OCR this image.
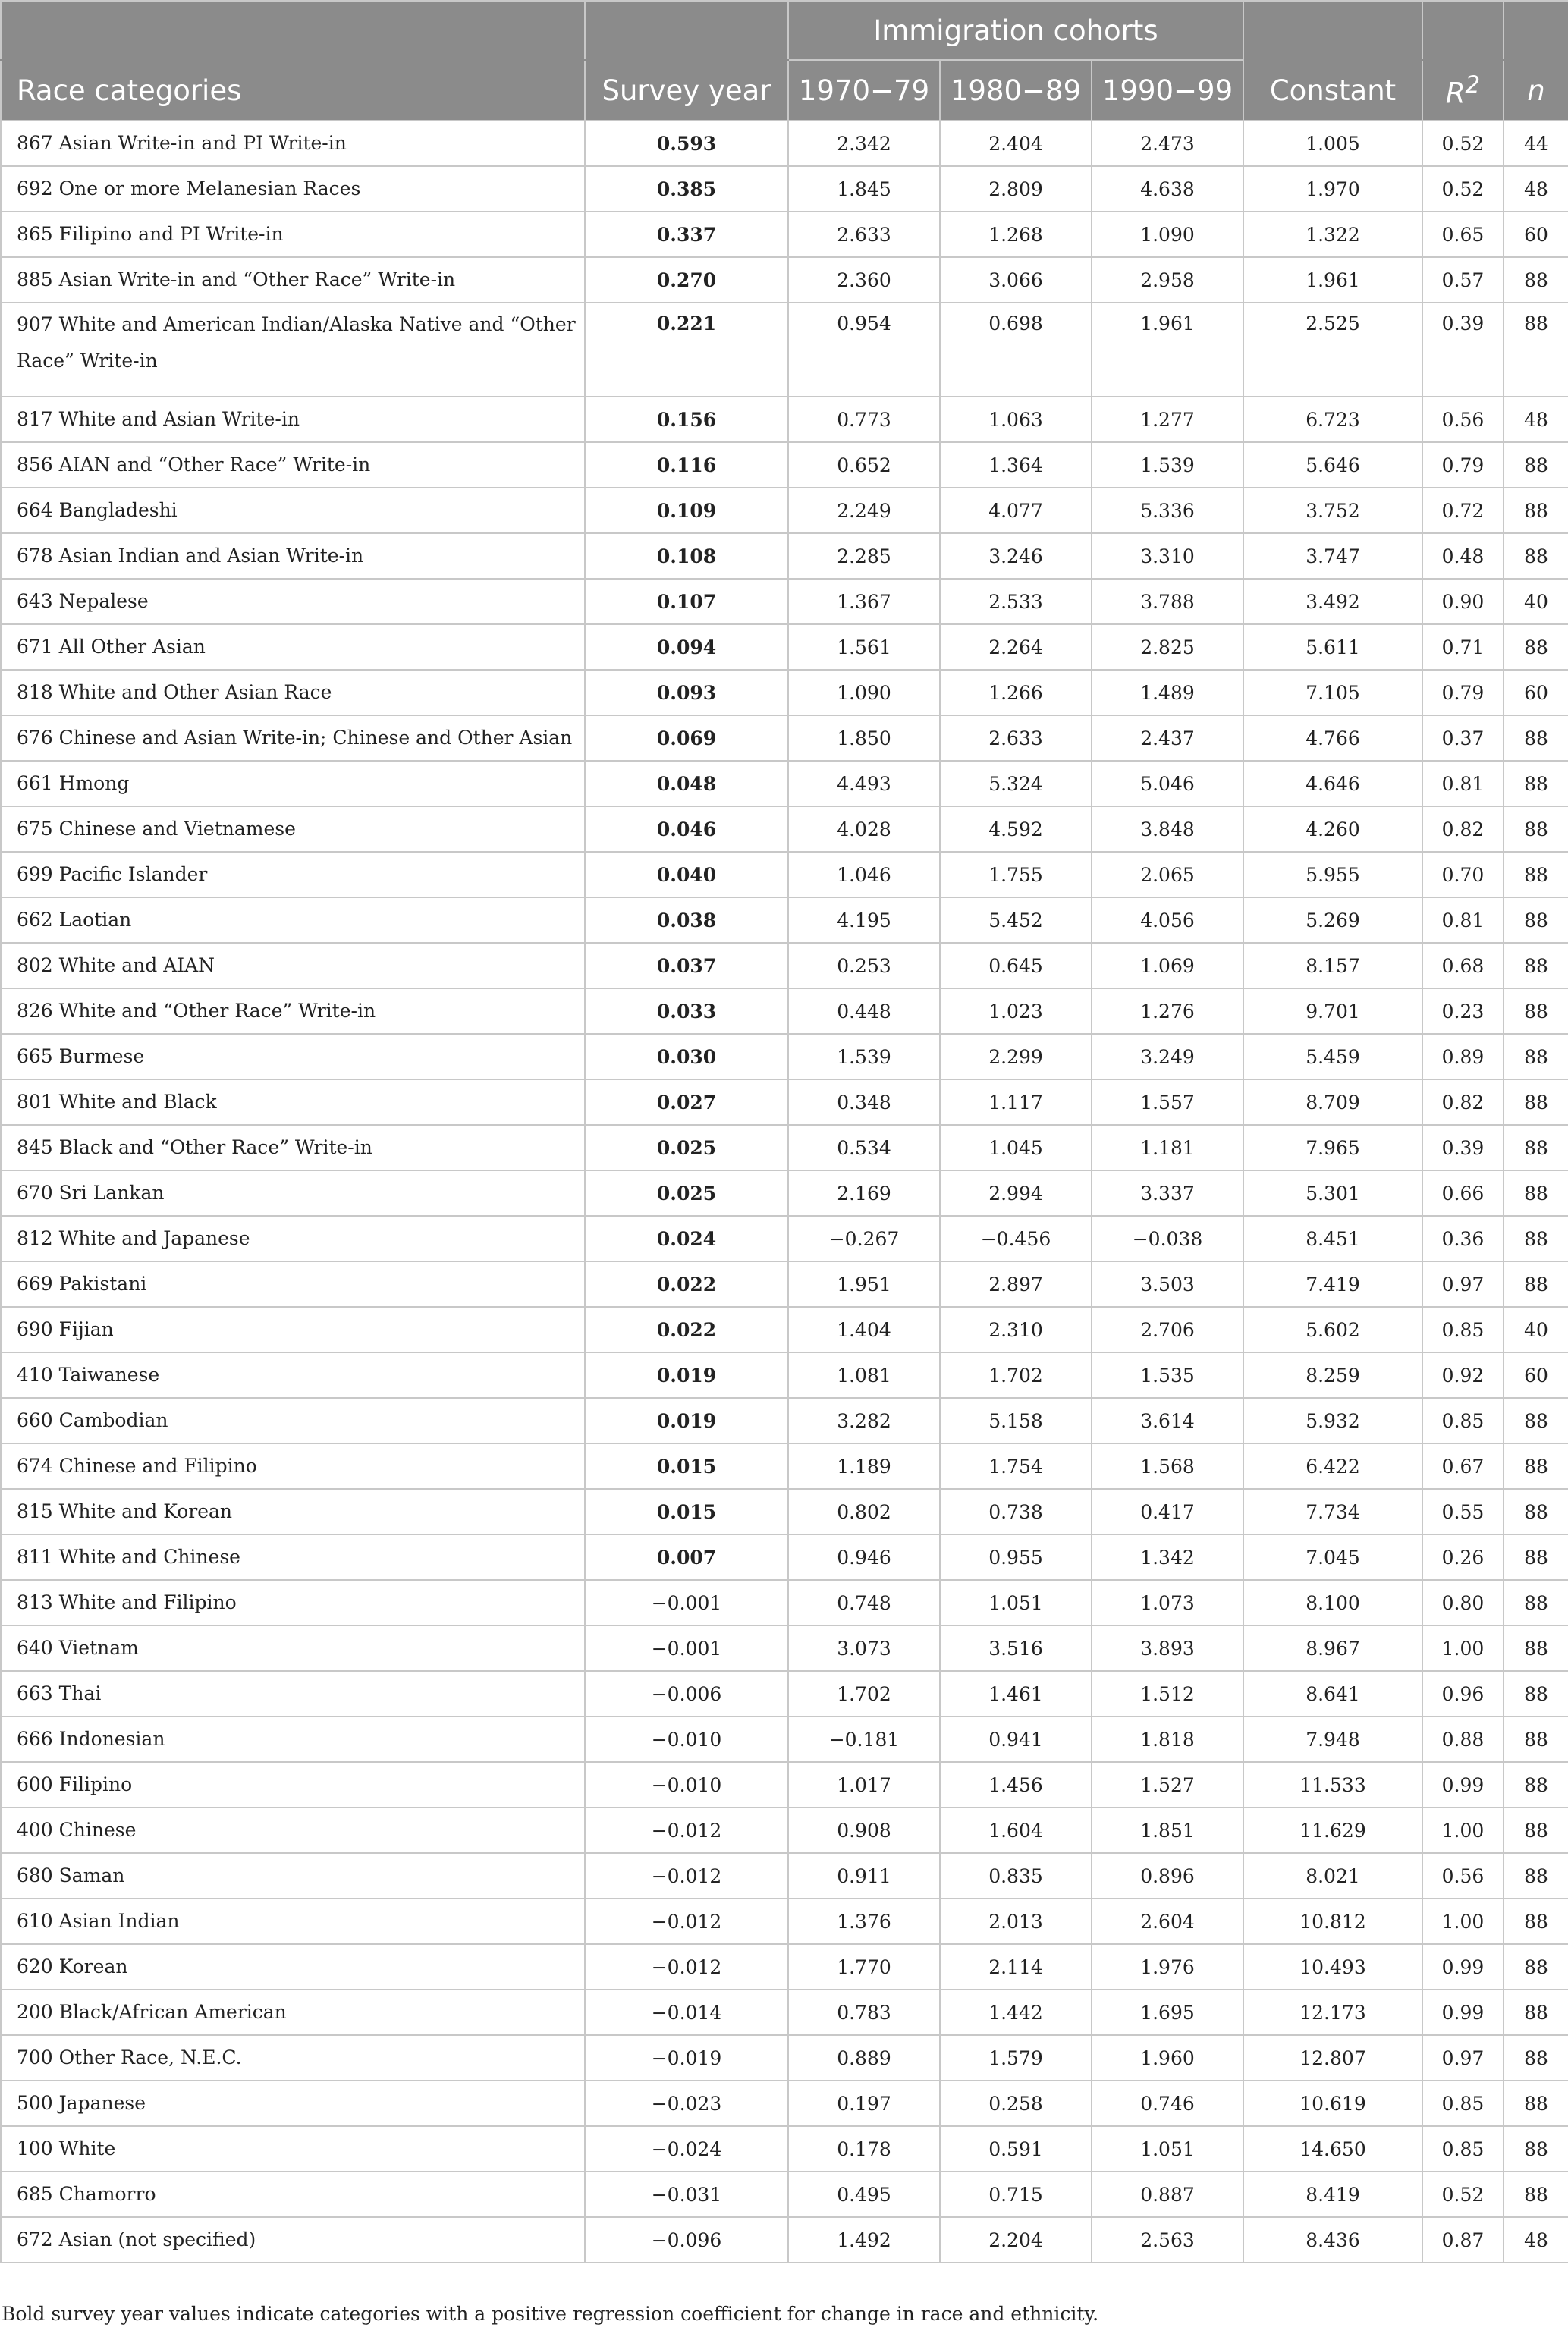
		Immigration cohorts					
Race categories	Survey year	1970−79	1980−89	1990−99	Constant	$R^2$	n
867 Asian Write-in and PI Write-in	0.593	2.342	2.404	2.473	1.005	0.52	44
692 One or more Melanesian Races	0.385	1.845	2.809	4.638	1.970	0.52	48
865 Filipino and PI Write-in	0.337	2.633	1.268	1.090	1.322	0.65	60
885 Asian Write-in and “Other Race” Write-in	0.270	2.360	3.066	2.958	1.961	0.57	88
907 White and American Indian/Alaska Native and “Other Race” Write-in	0.221	0.954	0.698	1.961	2.525	0.39	88
817 White and Asian Write-in	0.156	0.773	1.063	1.277	6.723	0.56	48
856 AIAN and “Other Race” Write-in	0.116	0.652	1.364	1.539	5.646	0.79	88
664 Bangladeshi	0.109	2.249	4.077	5.336	3.752	0.72	88
678 Asian Indian and Asian Write-in	0.108	2.285	3.246	3.310	3.747	0.48	88
643 Nepalese	0.107	1.367	2.533	3.788	3.492	0.90	40
671 All Other Asian	0.094	1.561	2.264	2.825	5.611	0.71	88
818 White and Other Asian Race	0.093	1.090	1.266	1.489	7.105	0.79	60
676 Chinese and Asian Write-in; Chinese and Other Asian	0.069	1.850	2.633	2.437	4.766	0.37	88
661 Hmong	0.048	4.493	5.324	5.046	4.646	0.81	88
675 Chinese and Vietnamese	0.046	4.028	4.592	3.848	4.260	0.82	88
699 Pacific Islander	0.040	1.046	1.755	2.065	5.955	0.70	88
662 Laotian	0.038	4.195	5.452	4.056	5.269	0.81	88
802 White and AIAN	0.037	0.253	0.645	1.069	8.157	0.68	88
826 White and “Other Race” Write-in	0.033	0.448	1.023	1.276	9.701	0.23	88
665 Burmese	0.030	1.539	2.299	3.249	5.459	0.89	88
801 White and Black	0.027	0.348	1.117	1.557	8.709	0.82	88
845 Black and “Other Race” Write-in	0.025	0.534	1.045	1.181	7.965	0.39	88
670 Sri Lankan	0.025	2.169	2.994	3.337	5.301	0.66	88
812 White and Japanese	0.024	−0.267	−0.456	−0.038	8.451	0.36	88
669 Pakistani	0.022	1.951	2.897	3.503	7.419	0.97	88
690 Fijian	0.022	1.404	2.310	2.706	5.602	0.85	40
410 Taiwanese	0.019	1.081	1.702	1.535	8.259	0.92	60
660 Cambodian	0.019	3.282	5.158	3.614	5.932	0.85	88
674 Chinese and Filipino	0.015	1.189	1.754	1.568	6.422	0.67	88
815 White and Korean	0.015	0.802	0.738	0.417	7.734	0.55	88
811 White and Chinese	0.007	0.946	0.955	1.342	7.045	0.26	88
813 White and Filipino	−0.001	0.748	1.051	1.073	8.100	0.80	88
640 Vietnam	−0.001	3.073	3.516	3.893	8.967	1.00	88
663 Thai	−0.006	1.702	1.461	1.512	8.641	0.96	88
666 Indonesian	−0.010	−0.181	0.941	1.818	7.948	0.88	88
600 Filipino	−0.010	1.017	1.456	1.527	11.533	0.99	88
400 Chinese	−0.012	0.908	1.604	1.851	11.629	1.00	88
680 Saman	−0.012	0.911	0.835	0.896	8.021	0.56	88
610 Asian Indian	−0.012	1.376	2.013	2.604	10.812	1.00	88
620 Korean	−0.012	1.770	2.114	1.976	10.493	0.99	88
200 Black/African American	−0.014	0.783	1.442	1.695	12.173	0.99	88
700 Other Race, N.E.C.	−0.019	0.889	1.579	1.960	12.807	0.97	88
500 Japanese	−0.023	0.197	0.258	0.746	10.619	0.85	88
100 White	−0.024	0.178	0.591	1.051	14.650	0.85	88
685 Chamorro	−0.031	0.495	0.715	0.887	8.419	0.52	88
672 Asian (not specified)	−0.096	1.492	2.204	2.563	8.436	0.87	48
Bold survey year values indicate categories with a positive regression coefficient for change in race and ethnicity.
